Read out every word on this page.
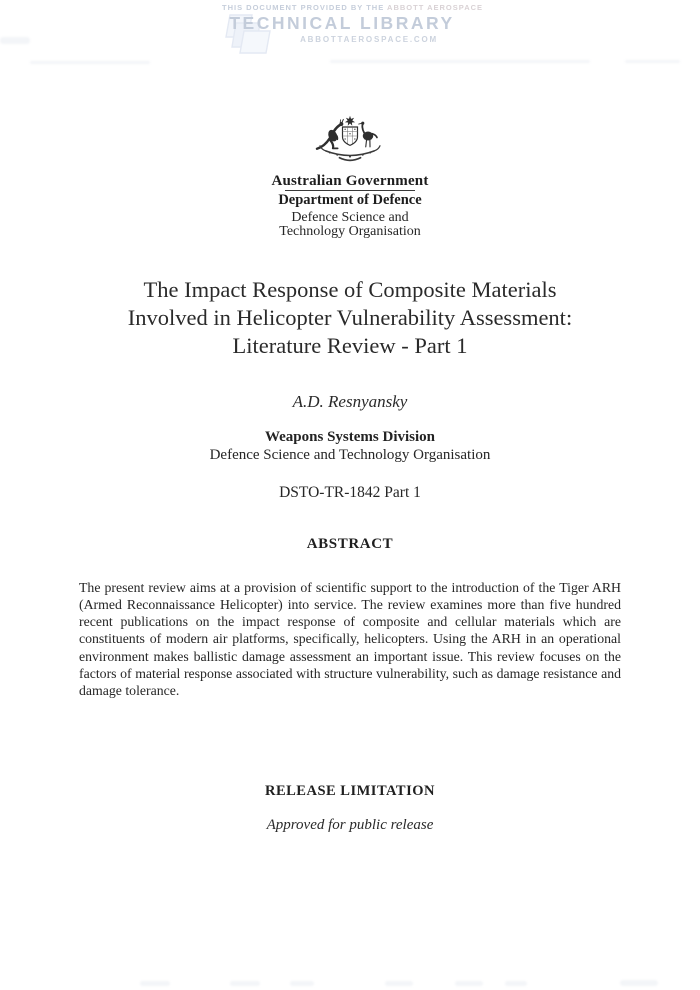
THIS DOCUMENT PROVIDED BY THE ABBOTT AEROSPACE
TECHNICAL LIBRARY
ABBOTTAEROSPACE.COM
Australian Government
Department of Defence
Defence Science and
Technology Organisation
The Impact Response of Composite Materials
Involved in Helicopter Vulnerability Assessment:
Literature Review - Part 1
A.D. Resnyansky
Weapons Systems Division
Defence Science and Technology Organisation
DSTO-TR-1842 Part 1
ABSTRACT

The present review aims at a provision of scientific support to the introduction of the Tiger ARH (Armed Reconnaissance Helicopter) into service. The review examines more than five hundred recent publications on the impact response of composite and cellular materials which are constituents of modern air platforms, specifically, helicopters. Using the ARH in an operational environment makes ballistic damage assessment an important issue. This review focuses on the factors of material response associated with structure vulnerability, such as damage resistance and damage tolerance.

RELEASE LIMITATION
Approved for public release
